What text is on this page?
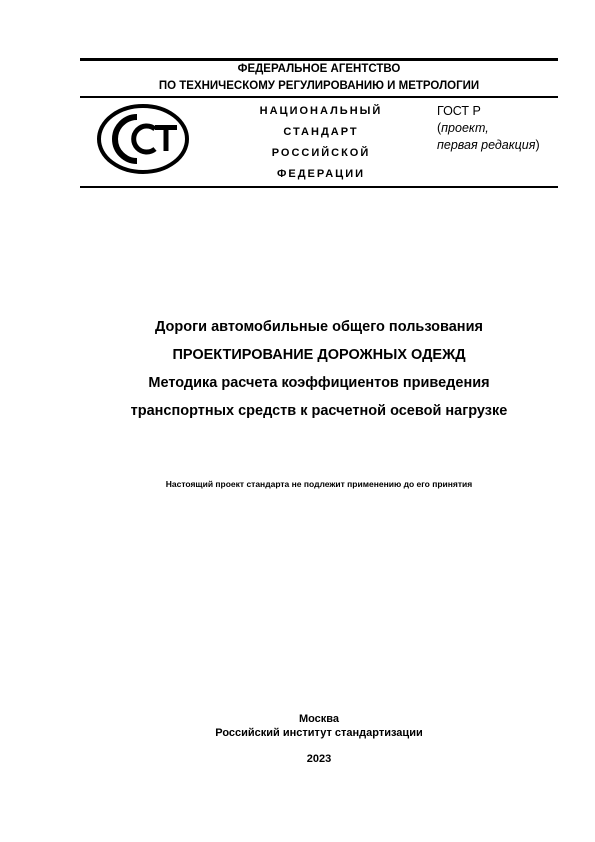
ФЕДЕРАЛЬНОЕ АГЕНТСТВО
ПО ТЕХНИЧЕСКОМУ РЕГУЛИРОВАНИЮ И МЕТРОЛОГИИ
НАЦИОНАЛЬНЫЙ
СТАНДАРТ
РОССИЙСКОЙ
ФЕДЕРАЦИИ
ГОСТ Р
(проект,
первая редакция)
Дороги автомобильные общего пользования
ПРОЕКТИРОВАНИЕ ДОРОЖНЫХ ОДЕЖД
Методика расчета коэффициентов приведения
транспортных средств к расчетной осевой нагрузке
Настоящий проект стандарта не подлежит применению до его принятия
Москва
Российский институт стандартизации
2023
